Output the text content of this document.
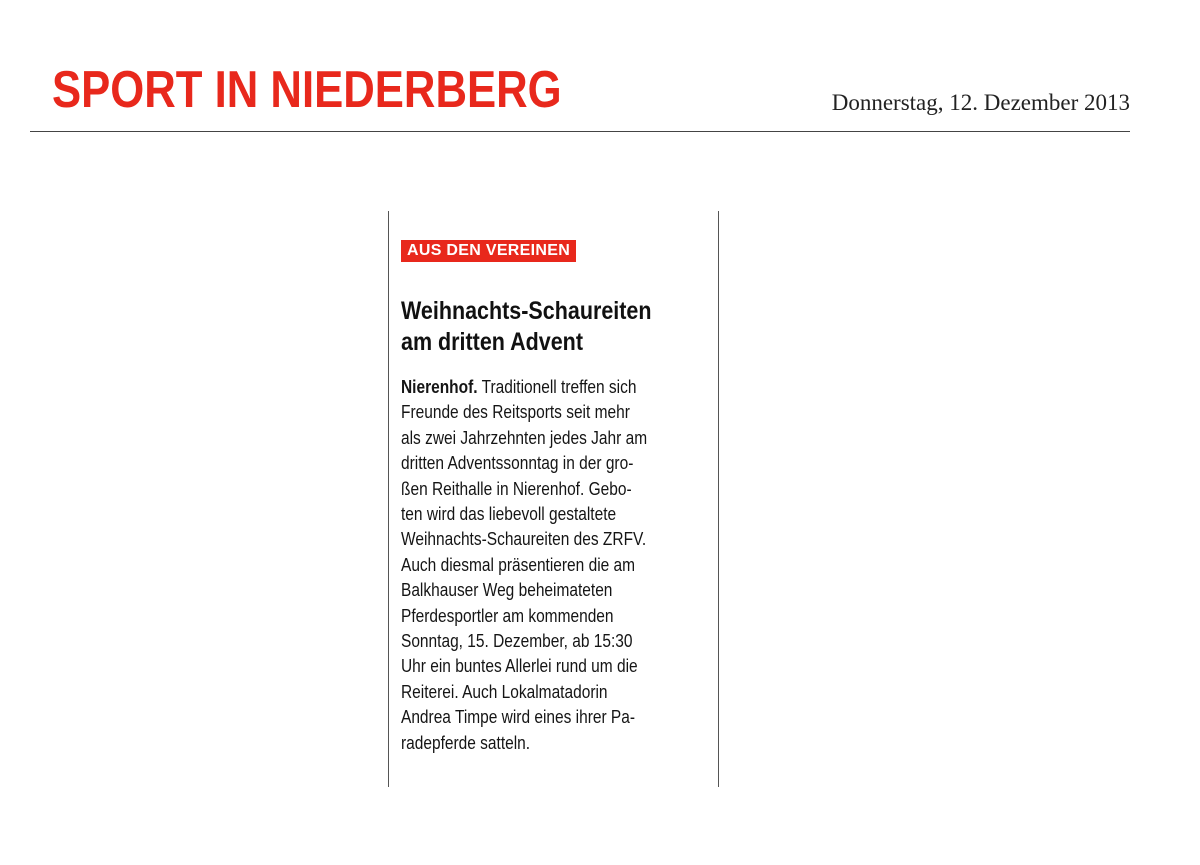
SPORT IN NIEDERBERG	Donnerstag, 12. Dezember 2013
AUS DEN VEREINEN
Weihnachts-Schaureiten
am dritten Advent
Nierenhof. Traditionell treffen sich
Freunde des Reitsports seit mehr
als zwei Jahrzehnten jedes Jahr am
dritten Adventssonntag in der gro-
ßen Reithalle in Nierenhof. Gebo-
ten wird das liebevoll gestaltete
Weihnachts-Schaureiten des ZRFV.
Auch diesmal präsentieren die am
Balkhauser Weg beheimateten
Pferdesportler am kommenden
Sonntag, 15. Dezember, ab 15:30
Uhr ein buntes Allerlei rund um die
Reiterei. Auch Lokalmatadorin
Andrea Timpe wird eines ihrer Pa-
radepferde satteln.
